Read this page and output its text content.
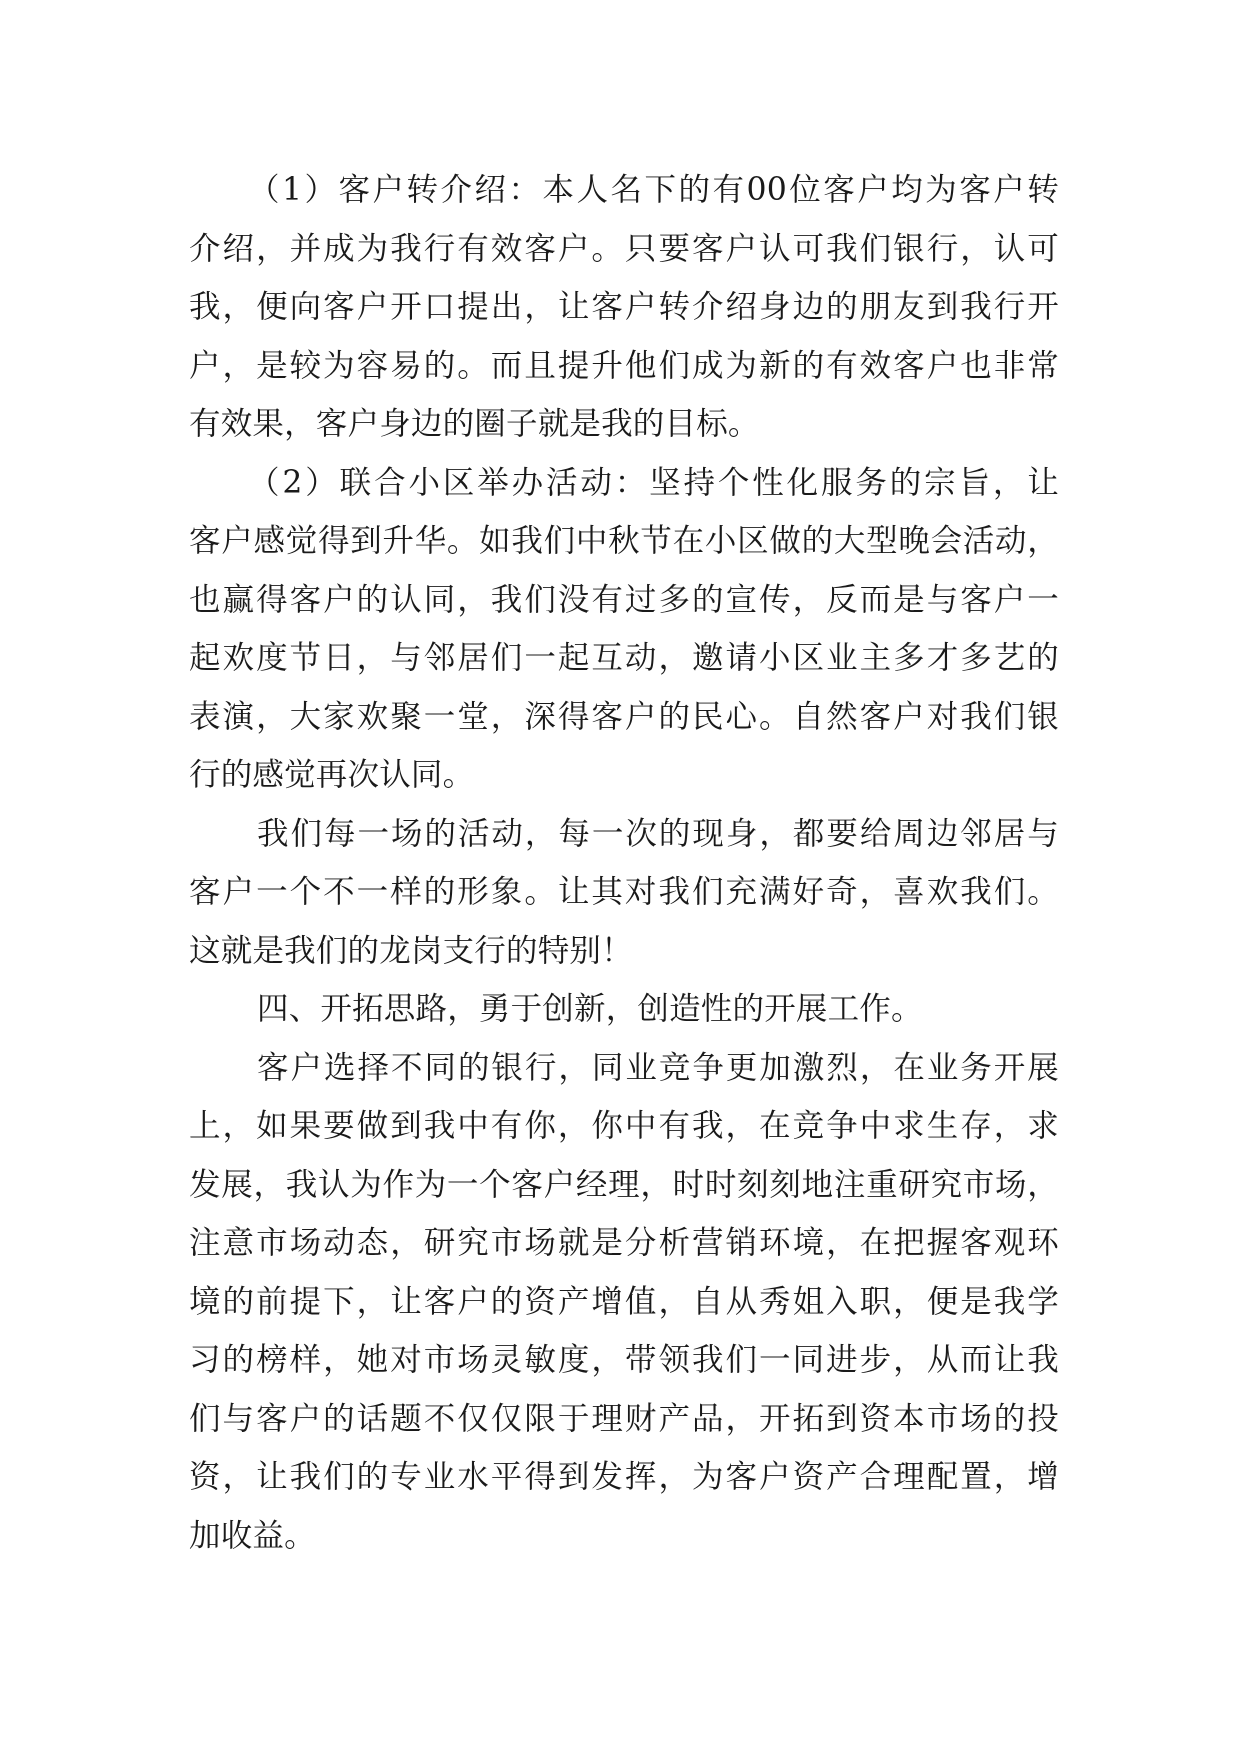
（1）客户转介绍：本人名下的有00位客户均为客户转
介绍，并成为我行有效客户。只要客户认可我们银行，认可
我，便向客户开口提出，让客户转介绍身边的朋友到我行开
户，是较为容易的。而且提升他们成为新的有效客户也非常
有效果，客户身边的圈子就是我的目标。
（2）联合小区举办活动：坚持个性化服务的宗旨，让
客户感觉得到升华。如我们中秋节在小区做的大型晚会活动，
也赢得客户的认同，我们没有过多的宣传，反而是与客户一
起欢度节日，与邻居们一起互动，邀请小区业主多才多艺的
表演，大家欢聚一堂，深得客户的民心。自然客户对我们银
行的感觉再次认同。
我们每一场的活动，每一次的现身，都要给周边邻居与
客户一个不一样的形象。让其对我们充满好奇，喜欢我们。
这就是我们的龙岗支行的特别！
四、开拓思路，勇于创新，创造性的开展工作。
客户选择不同的银行，同业竞争更加激烈，在业务开展
上，如果要做到我中有你，你中有我，在竞争中求生存，求
发展，我认为作为一个客户经理，时时刻刻地注重研究市场，
注意市场动态，研究市场就是分析营销环境，在把握客观环
境的前提下，让客户的资产增值，自从秀姐入职，便是我学
习的榜样，她对市场灵敏度，带领我们一同进步，从而让我
们与客户的话题不仅仅限于理财产品，开拓到资本市场的投
资，让我们的专业水平得到发挥，为客户资产合理配置，增
加收益。
